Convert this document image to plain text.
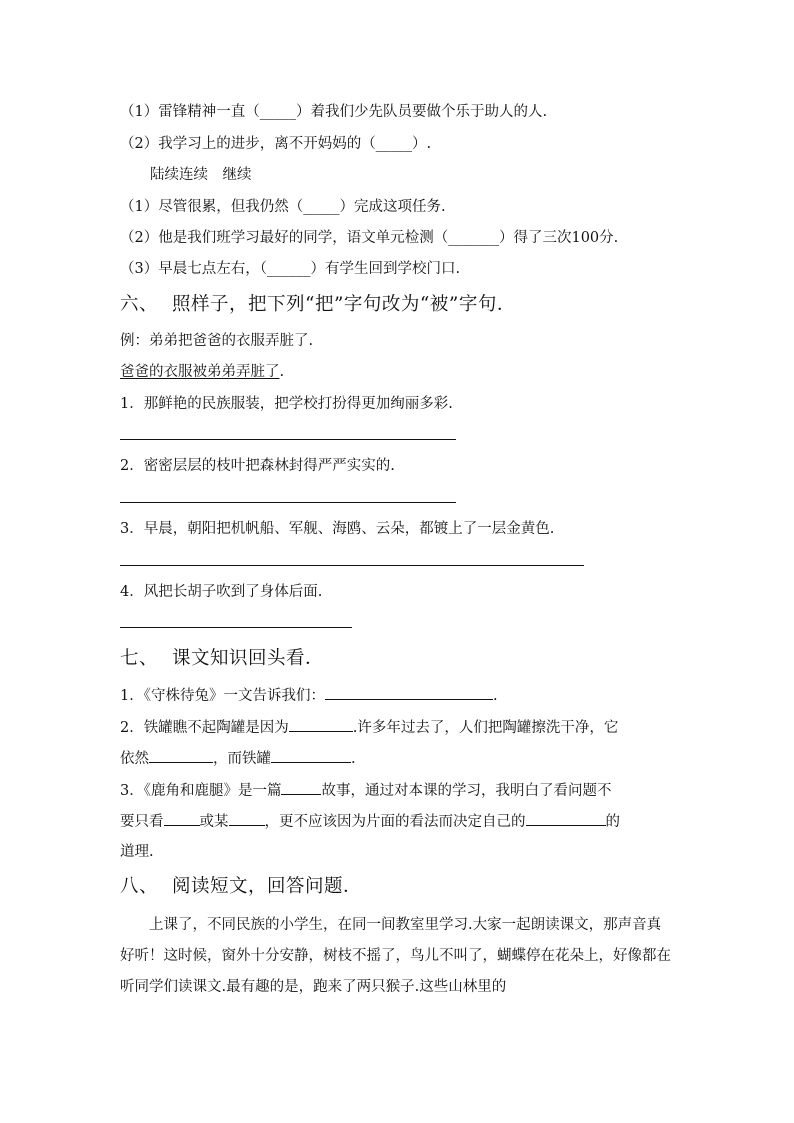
（1）雷锋精神一直（_____）着我们少先队员要做个乐于助人的人.
（2）我学习上的进步，离不开妈妈的（_____）.
陆续连续　继续
（1）尽管很累，但我仍然（_____）完成这项任务.
（2）他是我们班学习最好的同学，语文单元检测（_______）得了三次100分.
（3）早晨七点左右，（______）有学生回到学校门口.
六、 照样子，把下列“把”字句改为“被”字句．
例：弟弟把爸爸的衣服弄脏了.
爸爸的衣服被弟弟弄脏了.
1．那鲜艳的民族服装，把学校打扮得更加绚丽多彩.
2．密密层层的枝叶把森林封得严严实实的.
3．早晨，朝阳把机帆船、军舰、海鸥、云朵，都镀上了一层金黄色.
4．风把长胡子吹到了身体后面.
七、 课文知识回头看．
1．《守株待兔》一文告诉我们：	.
2．铁罐瞧不起陶罐是因为	.许多年过去了，人们把陶罐擦洗干净，它
依然	，而铁罐	.
3．《鹿角和鹿腿》是一篇	故事，通过对本课的学习，我明白了看问题不
要只看 或某 ，更不应该因为片面的看法而决定自己的	的
道理.
八、 阅读短文，回答问题．
上课了，不同民族的小学生，在同一间教室里学习.大家一起朗读课文，那声音真好听！这时候，窗外十分安静，树枝不摇了，鸟儿不叫了，蝴蝶停在花朵上，好像都在听同学们读课文.最有趣的是，跑来了两只猴子.这些山林里的
